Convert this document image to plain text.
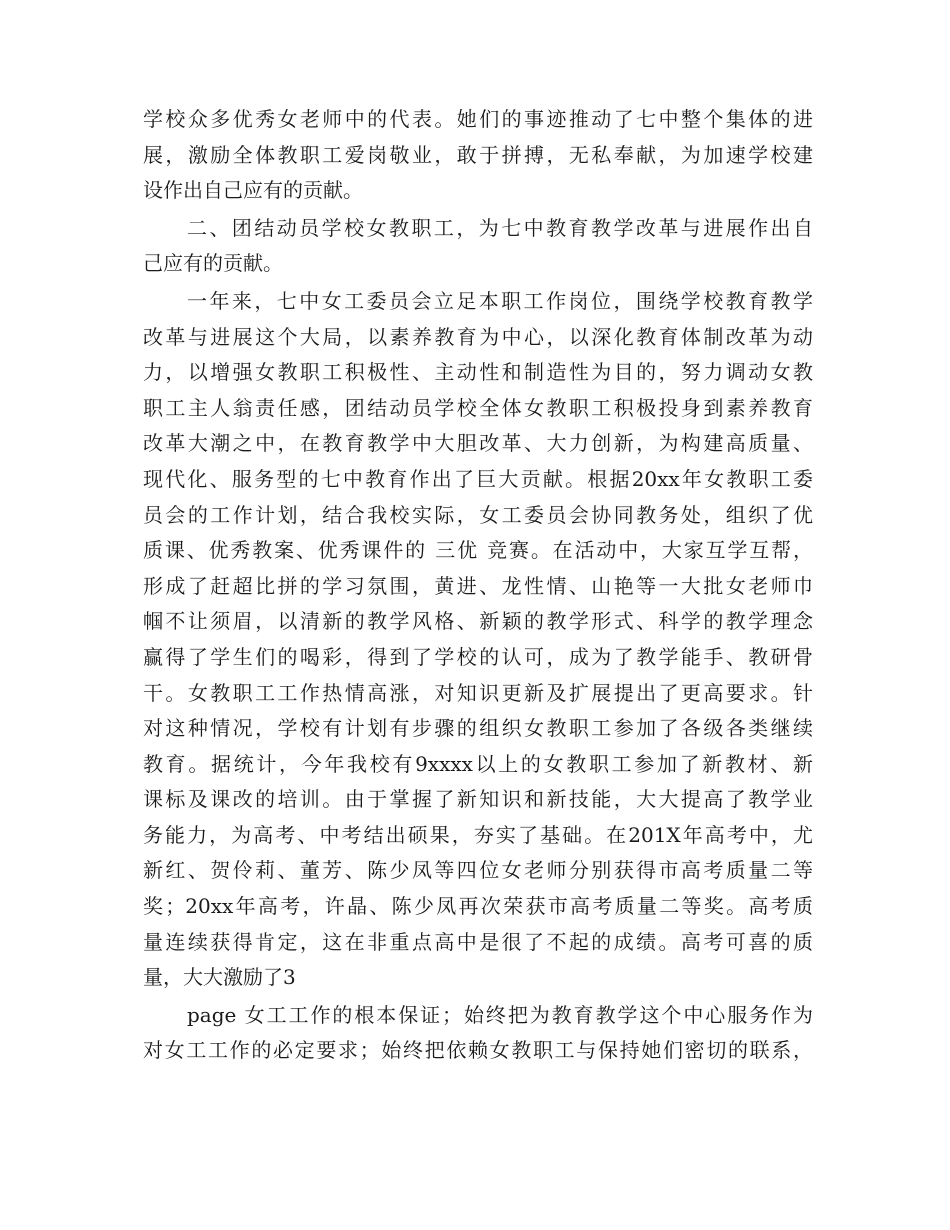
学校众多优秀女老师中的代表。她们的事迹推动了七中整个集体的进
展，激励全体教职工爱岗敬业，敢于拼搏，无私奉献，为加速学校建
设作出自己应有的贡献。
二、团结动员学校女教职工，为七中教育教学改革与进展作出自
己应有的贡献。
一年来，七中女工委员会立足本职工作岗位，围绕学校教育教学
改革与进展这个大局，以素养教育为中心，以深化教育体制改革为动
力，以增强女教职工积极性、主动性和制造性为目的，努力调动女教
职工主人翁责任感，团结动员学校全体女教职工积极投身到素养教育
改革大潮之中，在教育教学中大胆改革、大力创新，为构建高质量、
现代化、服务型的七中教育作出了巨大贡献。根据20xx年女教职工委
员会的工作计划，结合我校实际，女工委员会协同教务处，组织了优
质课、优秀教案、优秀课件的 三优 竞赛。在活动中，大家互学互帮，
形成了赶超比拼的学习氛围，黄进、龙性情、山艳等一大批女老师巾
帼不让须眉，以清新的教学风格、新颖的教学形式、科学的教学理念
赢得了学生们的喝彩，得到了学校的认可，成为了教学能手、教研骨
干。女教职工工作热情高涨，对知识更新及扩展提出了更高要求。针
对这种情况，学校有计划有步骤的组织女教职工参加了各级各类继续
教育。据统计，今年我校有9xxxx以上的女教职工参加了新教材、新
课标及课改的培训。由于掌握了新知识和新技能，大大提高了教学业
务能力，为高考、中考结出硕果，夯实了基础。在201X年高考中，尤
新红、贺伶莉、董芳、陈少凤等四位女老师分别获得市高考质量二等
奖；20xx年高考，许晶、陈少凤再次荣获市高考质量二等奖。高考质
量连续获得肯定，这在非重点高中是很了不起的成绩。高考可喜的质
量，大大激励了3
page 女工工作的根本保证；始终把为教育教学这个中心服务作为
对女工工作的必定要求；始终把依赖女教职工与保持她们密切的联系，
